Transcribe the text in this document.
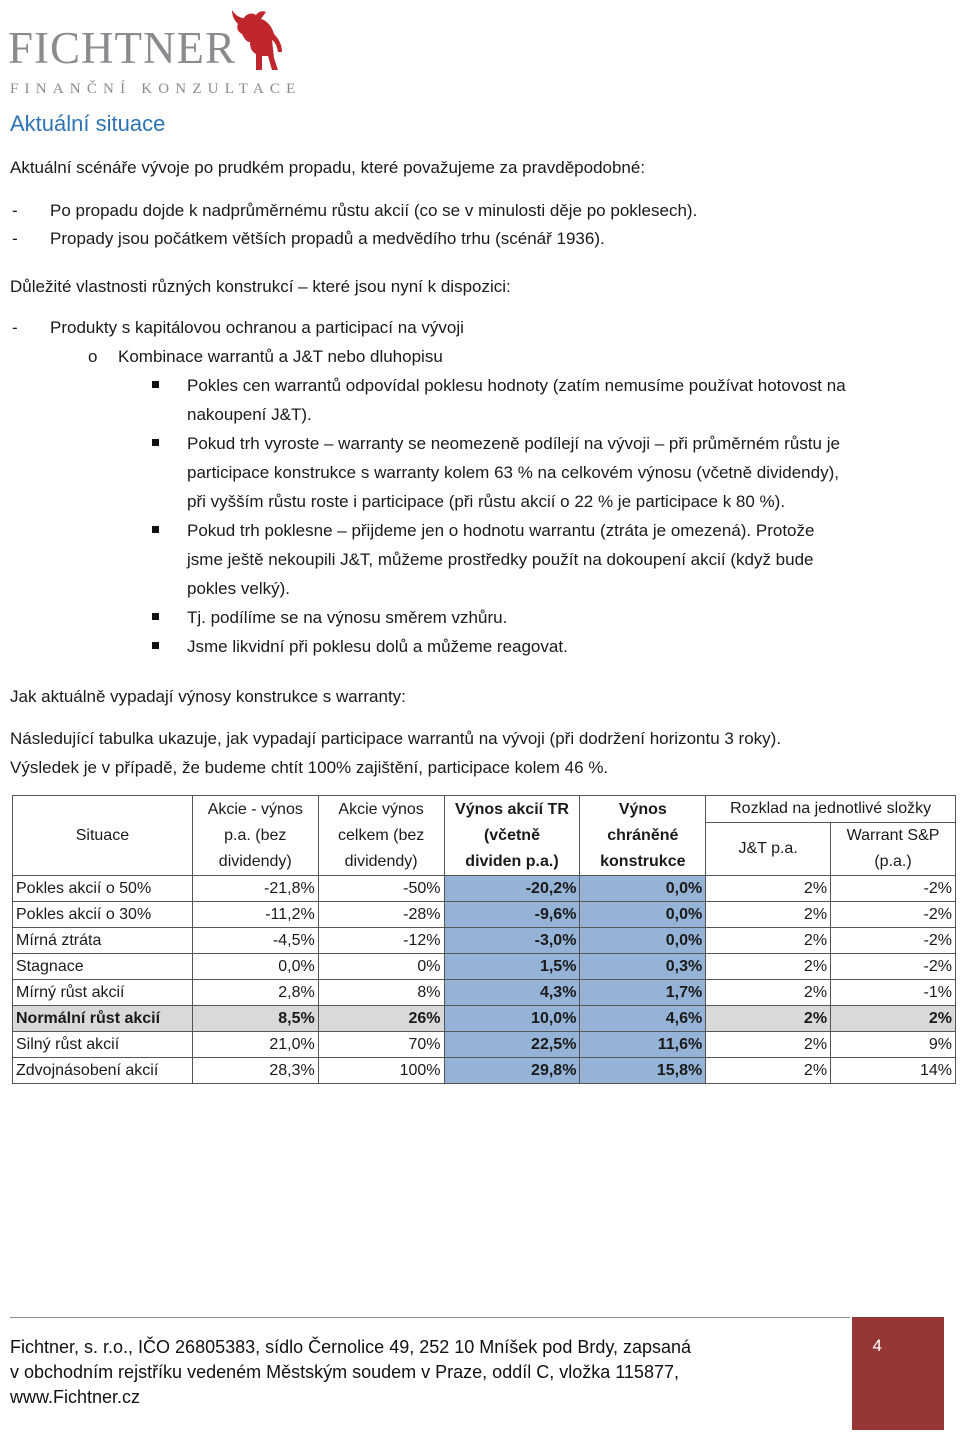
FICHTNER
FINANČNÍ KONZULTACE
Aktuální situace
Aktuální scénáře vývoje po prudkém propadu, které považujeme za pravděpodobné:
- Po propadu dojde k nadprůměrnému růstu akcií (co se v minulosti děje po poklesech).
- Propady jsou počátkem větších propadů a medvědího trhu (scénář 1936).
Důležité vlastnosti různých konstrukcí – které jsou nyní k dispozici:
- Produkty s kapitálovou ochranou a participací na vývoji
o Kombinace warrantů a J&T nebo dluhopisu
Pokles cen warrantů odpovídal poklesu hodnoty (zatím nemusíme používat hotovost na
nakoupení J&T).
Pokud trh vyroste – warranty se neomezeně podílejí na vývoji – při průměrném růstu je
participace konstrukce s warranty kolem 63 % na celkovém výnosu (včetně dividendy),
při vyšším růstu roste i participace (při růstu akcií o 22 % je participace k 80 %).
Pokud trh poklesne – přijdeme jen o hodnotu warrantu (ztráta je omezená). Protože
jsme ještě nekoupili J&T, můžeme prostředky použít na dokoupení akcií (když bude
pokles velký).
Tj. podílíme se na výnosu směrem vzhůru.
Jsme likvidní při poklesu dolů a můžeme reagovat.
Jak aktuálně vypadají výnosy konstrukce s warranty:
Následující tabulka ukazuje, jak vypadají participace warrantů na vývoji (při dodržení horizontu 3 roky).
Výsledek je v případě, že budeme chtít 100% zajištění, participace kolem 46 %.
Situace	Akcie - výnos
p.a. (bez
dividendy)	Akcie výnos
celkem (bez
dividendy)	Výnos akcií TR
(včetně
dividen p.a.)	Výnos
chráněné
konstrukce	Rozklad na jednotlivé složky	
					J&T p.a.	Warrant S&P
(p.a.)
Pokles akcií o 50%	-21,8%	-50%	-20,2%	0,0%	2%	-2%
Pokles akcií o 30%	-11,2%	-28%	-9,6%	0,0%	2%	-2%
Mírná ztráta	-4,5%	-12%	-3,0%	0,0%	2%	-2%
Stagnace	0,0%	0%	1,5%	0,3%	2%	-2%
Mírný růst akcií	2,8%	8%	4,3%	1,7%	2%	-1%
Normální růst akcií	8,5%	26%	10,0%	4,6%	2%	2%
Silný růst akcií	21,0%	70%	22,5%	11,6%	2%	9%
Zdvojnásobení akcií	28,3%	100%	29,8%	15,8%	2%	14%
Fichtner, s. r.o., IČO 26805383, sídlo Černolice 49, 252 10 Mníšek pod Brdy, zapsaná
v obchodním rejstříku vedeném Městským soudem v Praze, oddíl C, vložka 115877,
www.Fichtner.cz
4
